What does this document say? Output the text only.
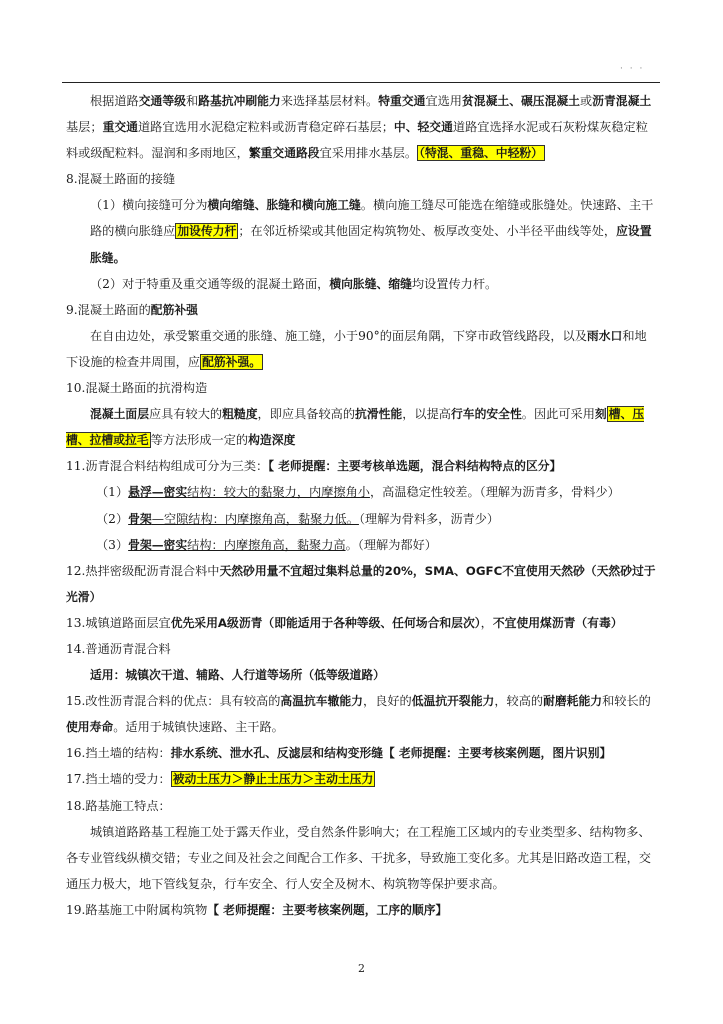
· · ·

根据道路交通等级和路基抗冲刷能力来选择基层材料。特重交通宜选用贫混凝土、碾压混凝土或沥青混凝土基层；重交通道路宜选用水泥稳定粒料或沥青稳定碎石基层；中、轻交通道路宜选择水泥或石灰粉煤灰稳定粒料或级配粒料。湿润和多雨地区，繁重交通路段宜采用排水基层。 （特混、重稳、中轻粉）

8.混凝土路面的接缝

（1）横向接缝可分为横向缩缝、胀缝和横向施工缝。横向施工缝尽可能选在缩缝或胀缝处。快速路、主干路的横向胀缝应 加设传力杆 ；在邻近桥梁或其他固定构筑物处、板厚改变处、小半径平曲线等处，应设置胀缝。

（2）对于特重及重交通等级的混凝土路面，横向胀缝、缩缝均设置传力杆。

9.混凝土路面的配筋补强

在自由边处，承受繁重交通的胀缝、施工缝，小于90°的面层角隅，下穿市政管线路段，以及雨水口和地下设施的检查井周围，应 配筋补强。

10.混凝土路面的抗滑构造

混凝土面层应具有较大的粗糙度，即应具备较高的抗滑性能，以提高行车的安全性。因此可采用刻 槽、压槽、拉槽或拉毛 等方法形成一定的构造深度

11.沥青混合料结构组成可分为三类：【 老师提醒：主要考核单选题，混合料结构特点的区分】

（1）悬浮—密实结构：较大的黏聚力，内摩擦角小，高温稳定性较差。（理解为沥青多，骨料少）

（2）骨架—空隙结构：内摩擦角高，黏聚力低。（理解为骨料多，沥青少）

（3）骨架—密实结构：内摩擦角高，黏聚力高。（理解为都好）

12.热拌密级配沥青混合料中天然砂用量不宜超过集料总量的20%，SMA、OGFC不宜使用天然砂（天然砂过于光滑）

13.城镇道路面层宜优先采用A级沥青（即能适用于各种等级、任何场合和层次），不宜使用煤沥青（有毒）

14.普通沥青混合料

适用：城镇次干道、辅路、人行道等场所（低等级道路）

15.改性沥青混合料的优点：具有较高的高温抗车辙能力，良好的低温抗开裂能力，较高的耐磨耗能力和较长的使用寿命。适用于城镇快速路、主干路。

16.挡土墙的结构：排水系统、泄水孔、反滤层和结构变形缝【 老师提醒：主要考核案例题，图片识别】

17.挡土墙的受力： 被动土压力＞静止土压力＞主动土压力

18.路基施工特点：

城镇道路路基工程施工处于露天作业，受自然条件影响大；在工程施工区域内的专业类型多、结构物多、各专业管线纵横交错；专业之间及社会之间配合工作多、干扰多，导致施工变化多。尤其是旧路改造工程，交通压力极大，地下管线复杂，行车安全、行人安全及树木、构筑物等保护要求高。

19.路基施工中附属构筑物【 老师提醒：主要考核案例题，工序的顺序】

2
